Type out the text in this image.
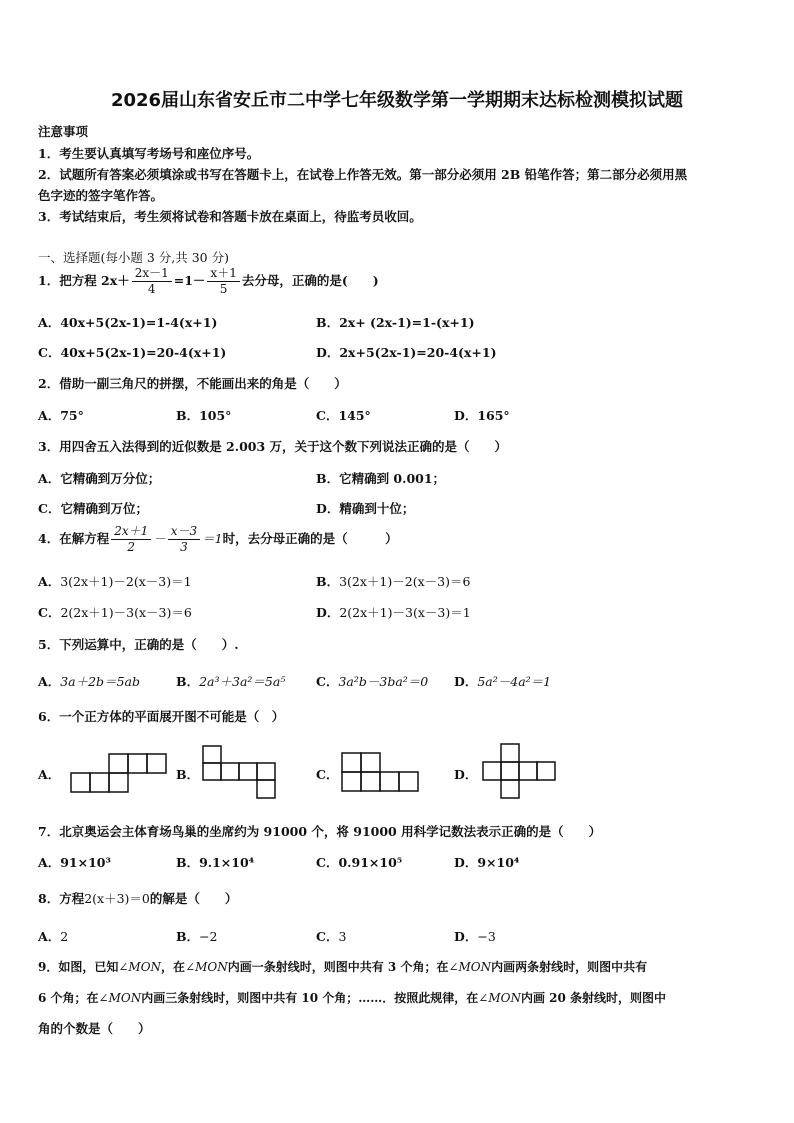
2026届山东省安丘市二中学七年级数学第一学期期末达标检测模拟试题
注意事项
1．考生要认真填写考场号和座位序号。
2．试题所有答案必须填涂或书写在答题卡上，在试卷上作答无效。第一部分必须用 2B 铅笔作答；第二部分必须用黑
色字迹的签字笔作答。
3．考试结束后，考生须将试卷和答题卡放在桌面上，待监考员收回。
一、选择题(每小题 3 分,共 30 分)
1．把方程 $2x+ \frac{2x-1}{4} =1- \frac{x+1}{5}$ 去分母，正确的是(　　)
A．40x+5(2x-1)=1-4(x+1)	B．2x+ (2x-1)=1-(x+1)
C．40x+5(2x-1)=20-4(x+1)	D．2x+5(2x-1)=20-4(x+1)
2．借助一副三角尺的拼摆，不能画出来的角是（　　）
A．75°	B．105°	C．145°	D．165°
3．用四舍五入法得到的近似数是 2.003 万，关于这个数下列说法正确的是（　　）
A．它精确到万分位；	B．它精确到 0.001；
C．它精确到万位；	D．精确到十位；
4．在解方程 $\frac{2x+1}{2} - \frac{x-3}{3} =1$时，去分母正确的是（　　　）
A．3(2x＋1)－2(x－3)＝1	B．3(2x＋1)－2(x－3)＝6
C．2(2x＋1)－3(x－3)＝6	D．2(2x＋1)－3(x－3)＝1
5．下列运算中，正确的是（　　）.
A．3a＋2b＝5ab	B．2a³＋3a²＝5a⁵ C．3a²b－3ba²＝0 D．5a²－4a²＝1
6．一个正方体的平面展开图不可能是（　）
A．	B．	C．	D．
7．北京奥运会主体育场鸟巢的坐席约为 91000 个，将 91000 用科学记数法表示正确的是（　　）
A．91×10³	B．9.1×10⁴	C．0.91×10⁵	D．9×10⁴
8．方程2(x＋3)＝0的解是（　　）
A．2	B．−2	C．3	D．−3
9．如图，已知∠MON，在∠MON内画一条射线时，则图中共有 3 个角；在∠MON内画两条射线时，则图中共有
6 个角；在∠MON内画三条射线时，则图中共有 10 个角；……．按照此规律，在∠MON内画 20 条射线时，则图中
角的个数是（　　）
